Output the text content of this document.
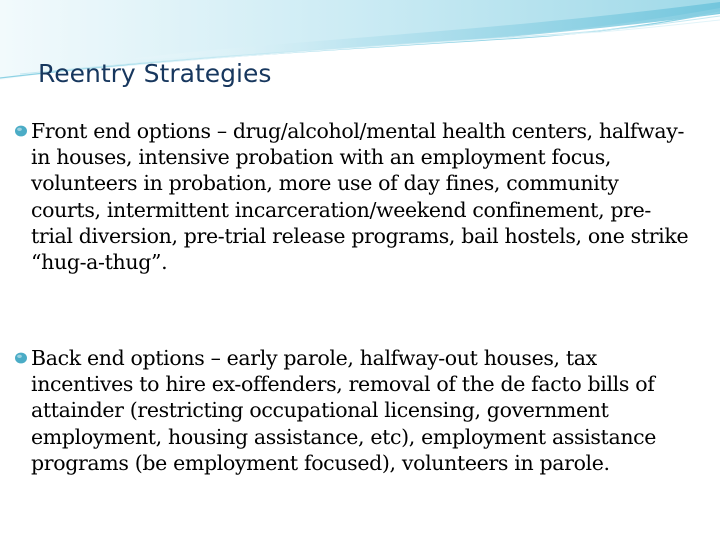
Reentry Strategies
Front end options – drug/alcohol/mental health centers, halfway-in houses, intensive probation with an employment focus, volunteers in probation, more use of day fines, community courts, intermittent incarceration/weekend confinement, pre-trial diversion, pre-trial release programs, bail hostels, one strike “hug-a-thug”.
Back end options – early parole, halfway-out houses, tax incentives to hire ex-offenders, removal of the de facto bills of attainder (restricting occupational licensing, government employment, housing assistance, etc), employment assistance programs (be employment focused), volunteers in parole.
